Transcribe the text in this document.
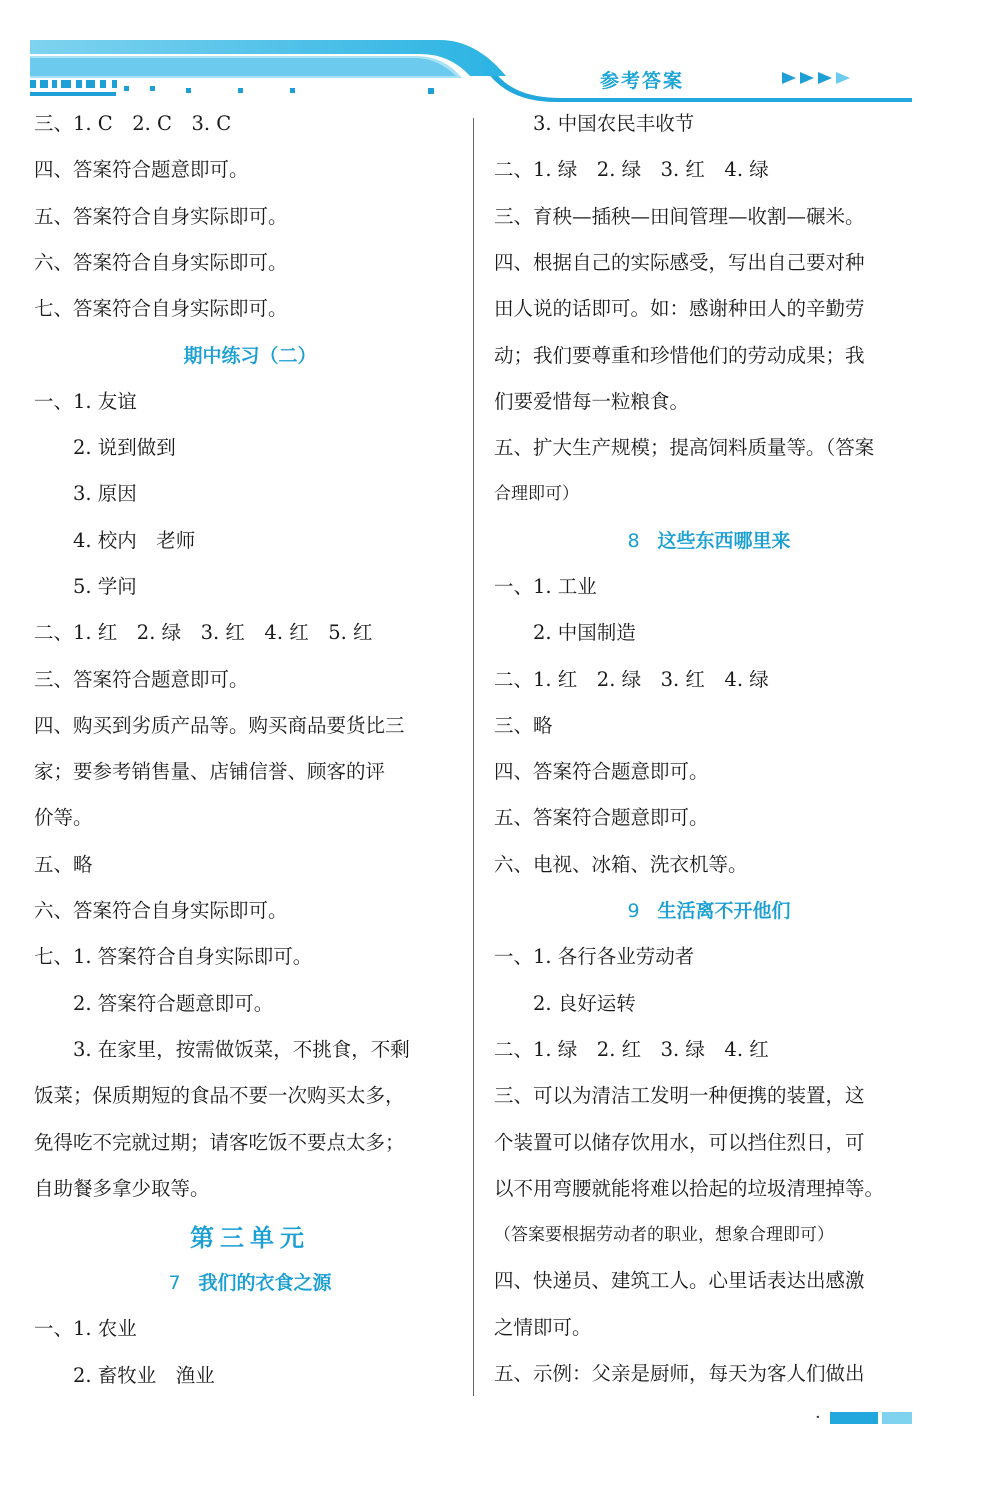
参考答案
三、1. C　2. C　3. C
四、答案符合题意即可。
五、答案符合自身实际即可。
六、答案符合自身实际即可。
七、答案符合自身实际即可。
期中练习（二）
一、1. 友谊
　　2. 说到做到
　　3. 原因
　　4. 校内　老师
　　5. 学问
二、1. 红　2. 绿　3. 红　4. 红　5. 红
三、答案符合题意即可。
四、购买到劣质产品等。购买商品要货比三
家；要参考销售量、店铺信誉、顾客的评
价等。
五、略
六、答案符合自身实际即可。
七、1. 答案符合自身实际即可。
　　2. 答案符合题意即可。
　　3. 在家里，按需做饭菜，不挑食，不剩
饭菜；保质期短的食品不要一次购买太多，
免得吃不完就过期；请客吃饭不要点太多；
自助餐多拿少取等。
第三单元
7 我们的衣食之源
一、1. 农业
　　2. 畜牧业　渔业
　　3. 中国农民丰收节
二、1. 绿　2. 绿　3. 红　4. 绿
三、育秧—插秧—田间管理—收割—碾米。
四、根据自己的实际感受，写出自己要对种
田人说的话即可。如：感谢种田人的辛勤劳
动；我们要尊重和珍惜他们的劳动成果；我
们要爱惜每一粒粮食。
五、扩大生产规模；提高饲料质量等。（答案
合理即可）
8 这些东西哪里来
一、1. 工业
　　2. 中国制造
二、1. 红　2. 绿　3. 红　4. 绿
三、略
四、答案符合题意即可。
五、答案符合题意即可。
六、电视、冰箱、洗衣机等。
9 生活离不开他们
一、1. 各行各业劳动者
　　2. 良好运转
二、1. 绿　2. 红　3. 绿　4. 红
三、可以为清洁工发明一种便携的装置，这
个装置可以储存饮用水，可以挡住烈日，可
以不用弯腰就能将难以拾起的垃圾清理掉等。
（答案要根据劳动者的职业，想象合理即可）
四、快递员、建筑工人。心里话表达出感激
之情即可。
五、示例：父亲是厨师，每天为客人们做出
·
